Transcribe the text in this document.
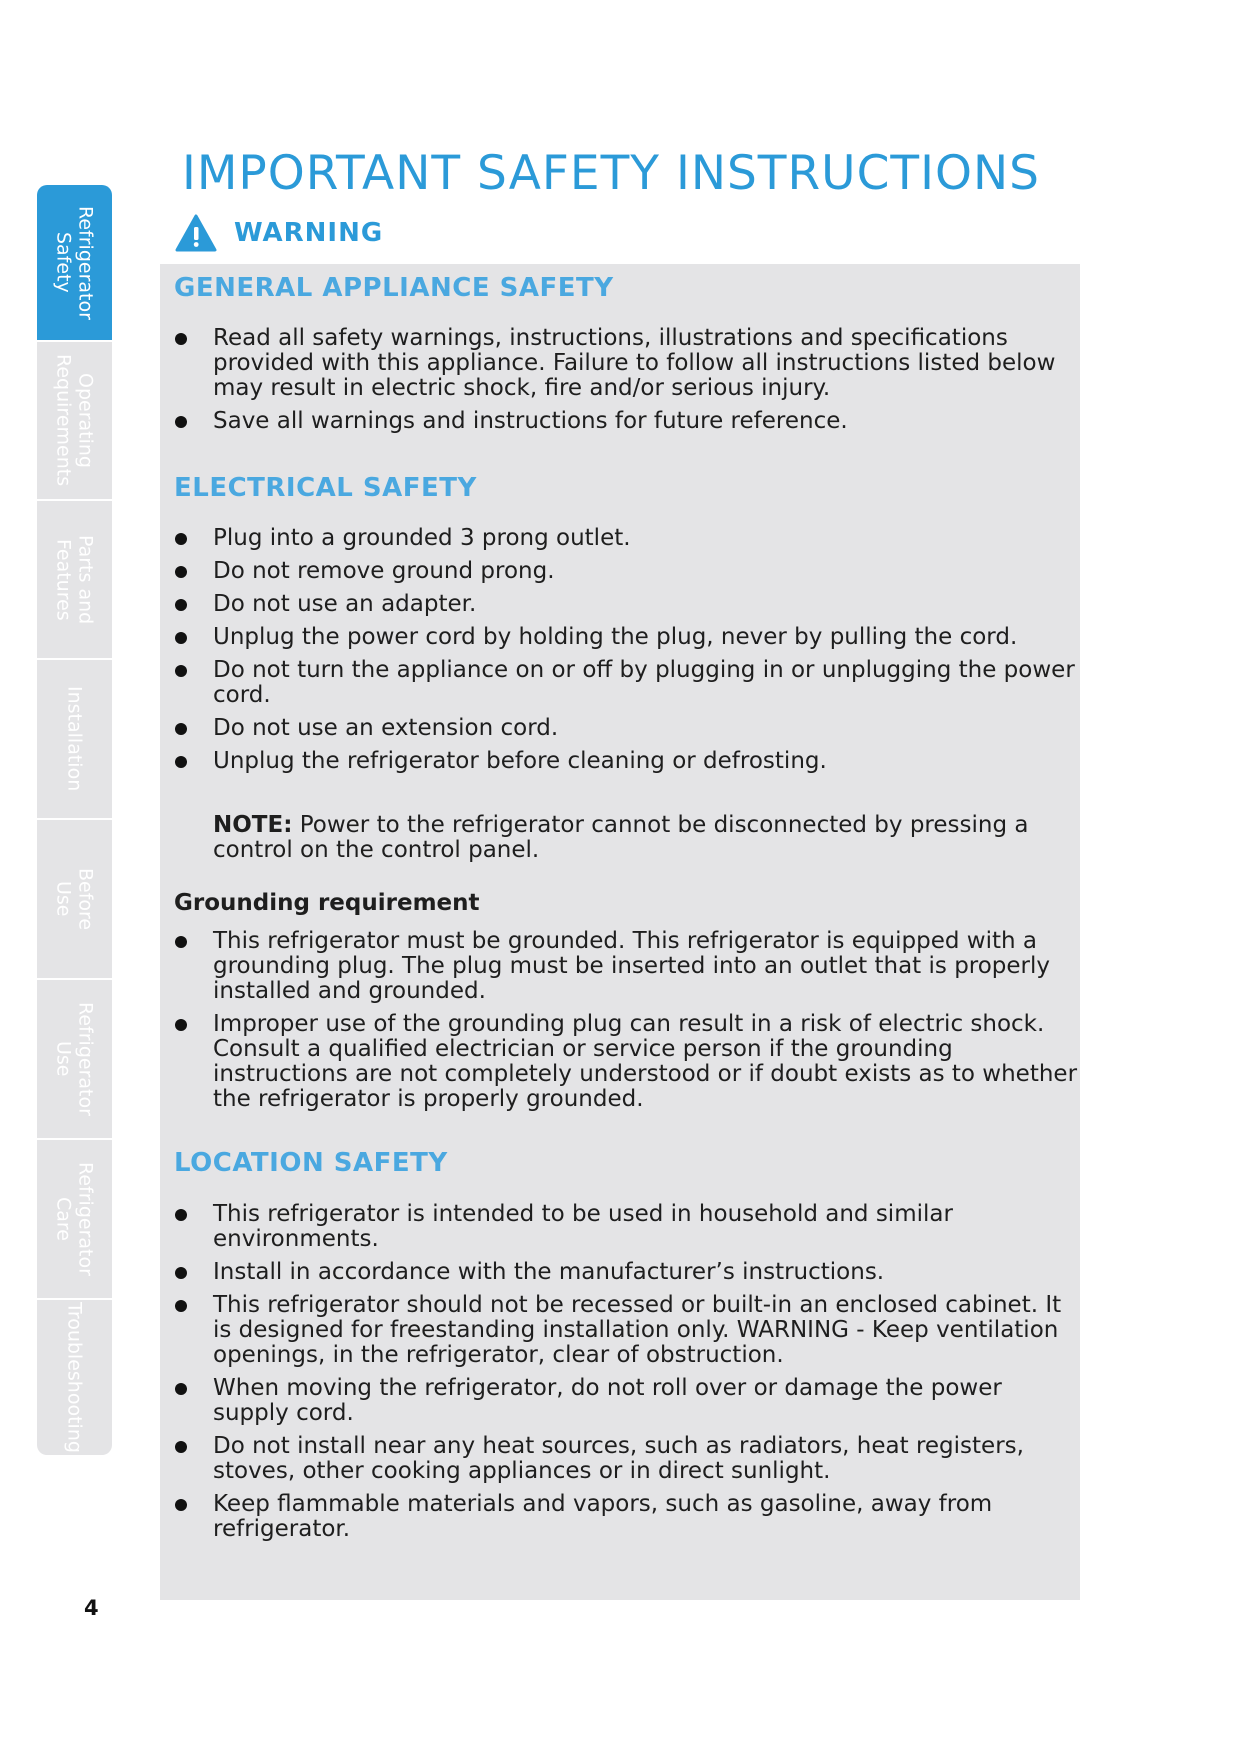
Refrigerator
Safety
Operating
Requirements
Parts and
Features
Installation
Before
Use
Refrigerator
Use
Refrigerator
Care
Troubleshooting
IMPORTANT SAFETY INSTRUCTIONS
WARNING
GENERAL APPLIANCE SAFETY
Read all safety warnings, instructions, illustrations and specifications provided with this appliance. Failure to follow all instructions listed below may result in electric shock, fire and/or serious injury.
Save all warnings and instructions for future reference.
ELECTRICAL SAFETY
Plug into a grounded 3 prong outlet.
Do not remove ground prong.
Do not use an adapter.
Unplug the power cord by holding the plug, never by pulling the cord.
Do not turn the appliance on or off by plugging in or unplugging the power cord.
Do not use an extension cord.
Unplug the refrigerator before cleaning or defrosting.

NOTE: Power to the refrigerator cannot be disconnected by pressing a control on the control panel.

Grounding requirement
This refrigerator must be grounded. This refrigerator is equipped with a grounding plug. The plug must be inserted into an outlet that is properly installed and grounded.
Improper use of the grounding plug can result in a risk of electric shock. Consult a qualified electrician or service person if the grounding instructions are not completely understood or if doubt exists as to whether the refrigerator is properly grounded.
LOCATION SAFETY
This refrigerator is intended to be used in household and similar environments.
Install in accordance with the manufacturer’s instructions.
This refrigerator should not be recessed or built-in an enclosed cabinet. It is designed for freestanding installation only. WARNING - Keep ventilation openings, in the refrigerator, clear of obstruction.
When moving the refrigerator, do not roll over or damage the power supply cord.
Do not install near any heat sources, such as radiators, heat registers, stoves, other cooking appliances or in direct sunlight.
Keep flammable materials and vapors, such as gasoline, away from refrigerator.
4
